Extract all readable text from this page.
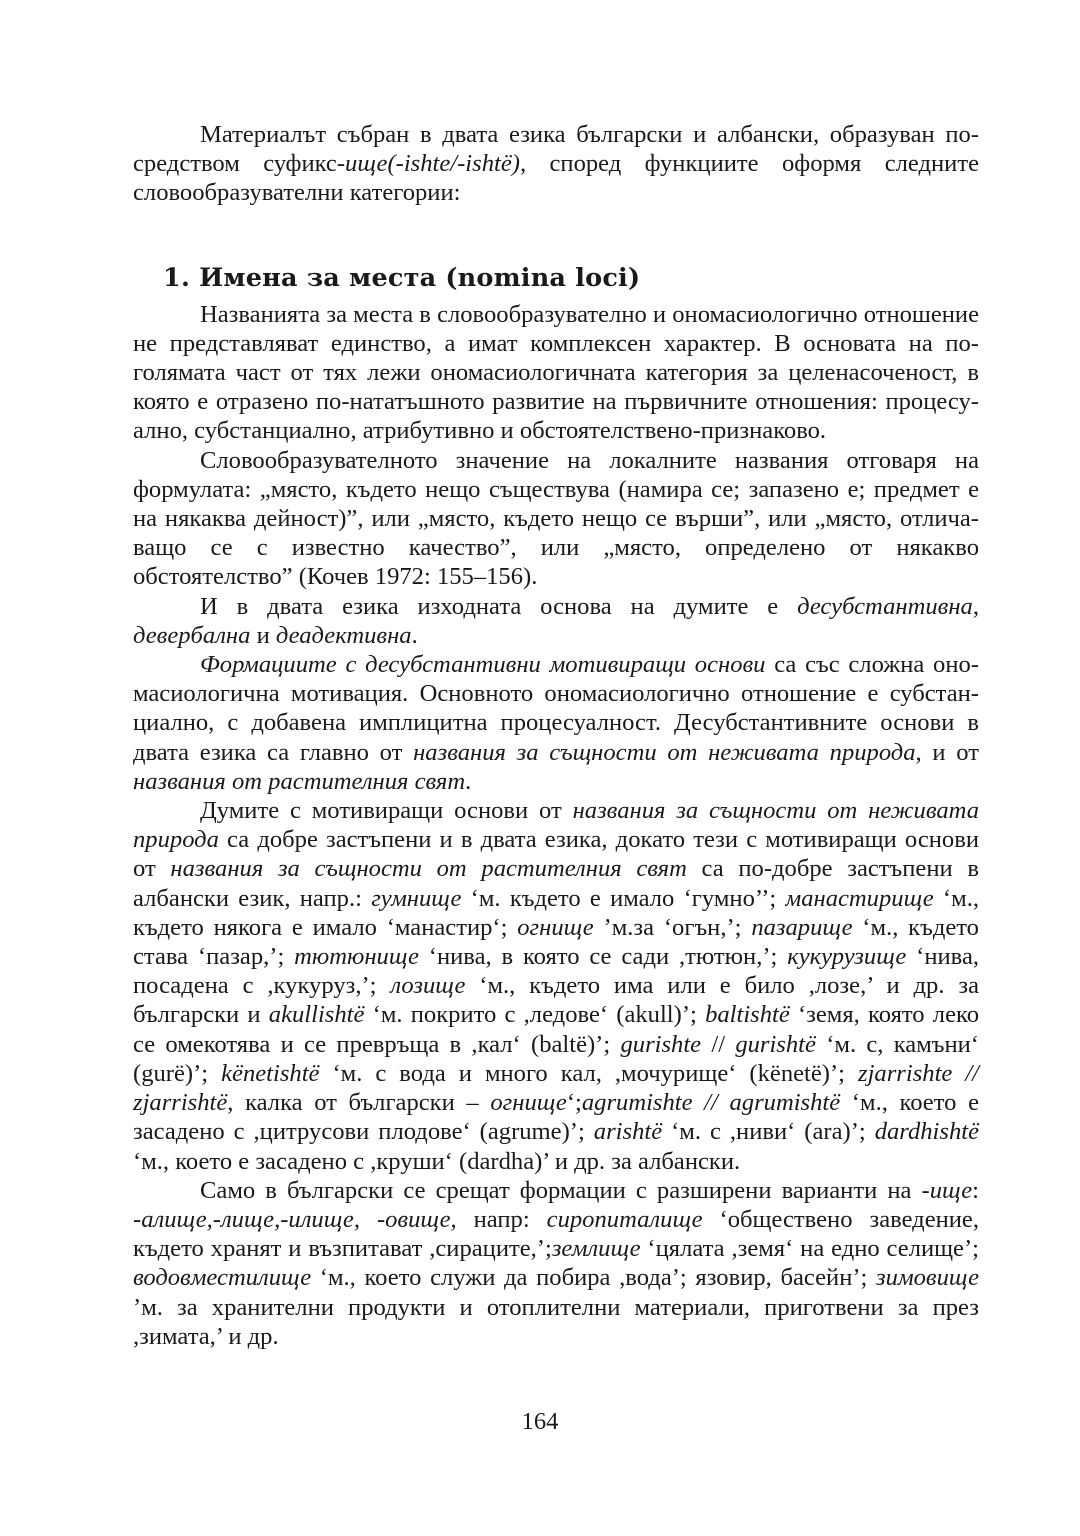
Материалът събран в двата езика български и албански, образуван по-средством суфикс-ище(-ishte/-ishtë), според функциите оформя следните словообразувателни категории:

1. Имена за места (nomina loci)

Названията за места в словообразувателно и ономасиологично отношение не представляват единство, а имат комплексен характер. В основата на по-голямата част от тях лежи ономасиологичната категория за целенасоченост, в която е отразено по-нататъшното развитие на първичните отношения: процесу-ално, субстанциално, атрибутивно и обстоятелствено-признаково.

Словообразувателното значение на локалните названия отговаря на формулата: „място, където нещо съществува (намира се; запазено е; предмет е на някаква дейност)”, или „място, където нещо се върши”, или „място, отлича-ващо се с известно качество”, или „място, определено от някакво обстоятелство” (Кочев 1972: 155–156).

И в двата езика изходната основа на думите е десубстантивна, девербална и деадективна.

Формациите с десубстантивни мотивиращи основи са със сложна оно-масиологична мотивация. Основното ономасиологично отношение е субстан-циално, с добавена имплицитна процесуалност. Десубстантивните основи в двата езика са главно от названия за същности от неживата природа, и от названия от растителния свят.

Думите с мотивиращи основи от названия за същности от неживата природа са добре застъпени и в двата езика, докато тези с мотивиращи основи от названия за същности от растителния свят са по-добре застъпени в албански език, напр.: гумнище ‘м. където е имало ‘гумно’’; манастирище ‘м., където някога е имало ‘манастир‘; огнище ’м.за ‘огън,’; пазарище ‘м., където става ‘пазар,’; тютюнище ‘нива, в която се сади ,тютюн,’; кукурузище ‘нива, посадена с ,кукуруз,’; лозище ‘м., където има или е било ,лозе,’ и др. за български и akullishtë ‘м. покрито с ,ледове‘ (akull)’; baltishtë ‘земя, която леко се омекотява и се превръща в ,кал‘ (baltë)’; gurishte // gurishtë ‘м. с, камъни‘ (gurë)’; kënetishtë ‘м. с вода и много кал, ,мочурище‘ (kënetë)’; zjarrishte // zjarrishtë, калка от български – огнище‘;agrumishte // agrumishtë ‘м., което е засадено с ,цитрусови плодове‘ (agrume)’; arishtë ‘м. с ,ниви‘ (ara)’; dardhishtë ‘м., което е засадено с ,круши‘ (dardha)’ и др. за албански.

Само в български се срещат формации с разширени варианти на -ище: -алище,-лище,-илище, -овище, напр: сиропиталище ‘обществено заведение, където хранят и възпитават ,сираците,’;землище ‘цялата ,земя‘ на едно селище’; водовместилище ‘м., което служи да побира ,вода’; язовир, басейн’; зимовище ’м. за хранителни продукти и отоплителни материали, приготвени за през ,зимата,’ и др.

164
